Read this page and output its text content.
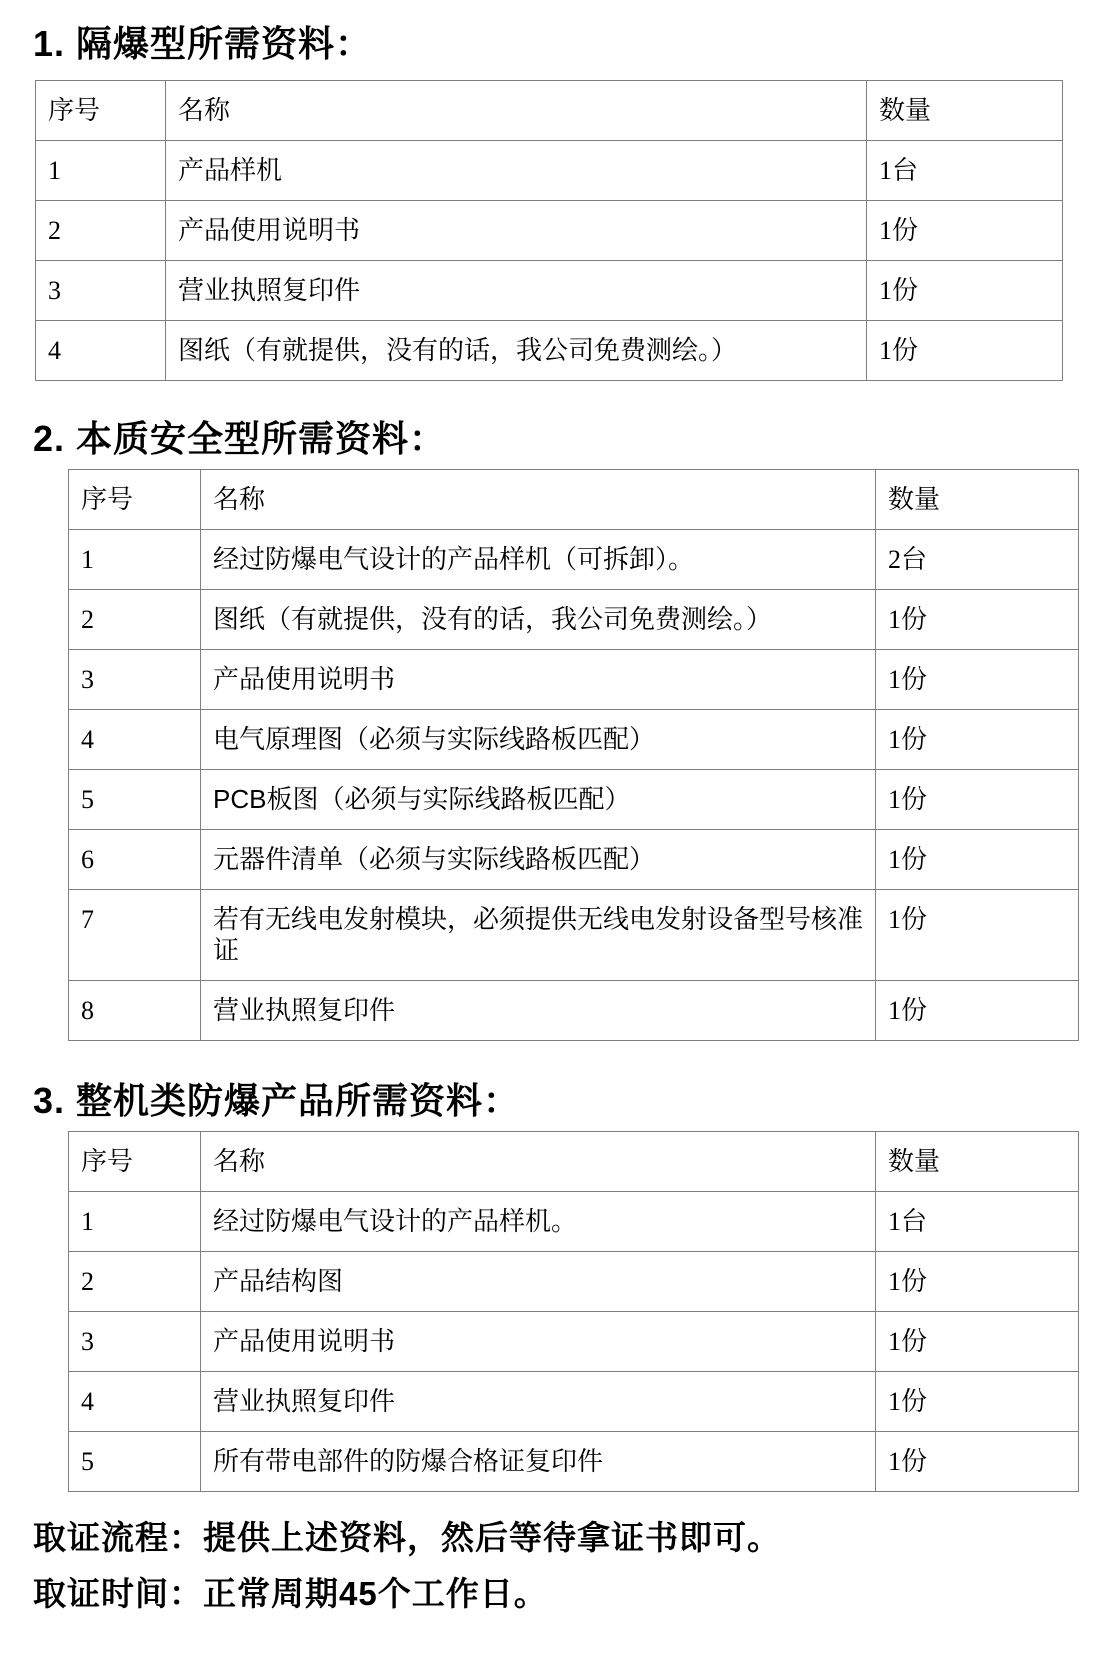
1. 隔爆型所需资料：
序号	名称	数量
1	产品样机	1台
2	产品使用说明书	1份
3	营业执照复印件	1份
4	图纸（有就提供，没有的话，我公司免费测绘。）	1份
2. 本质安全型所需资料：
序号	名称	数量
1	经过防爆电气设计的产品样机（可拆卸）。	2台
2	图纸（有就提供，没有的话，我公司免费测绘。）	1份
3	产品使用说明书	1份
4	电气原理图（必须与实际线路板匹配）	1份
5	PCB板图（必须与实际线路板匹配）	1份
6	元器件清单（必须与实际线路板匹配）	1份
7	若有无线电发射模块，必须提供无线电发射设备型号核准证	1份
8	营业执照复印件	1份
3. 整机类防爆产品所需资料：
序号	名称	数量
1	经过防爆电气设计的产品样机。	1台
2	产品结构图	1份
3	产品使用说明书	1份
4	营业执照复印件	1份
5	所有带电部件的防爆合格证复印件	1份
取证流程：提供上述资料，然后等待拿证书即可。
取证时间：正常周期45个工作日。
